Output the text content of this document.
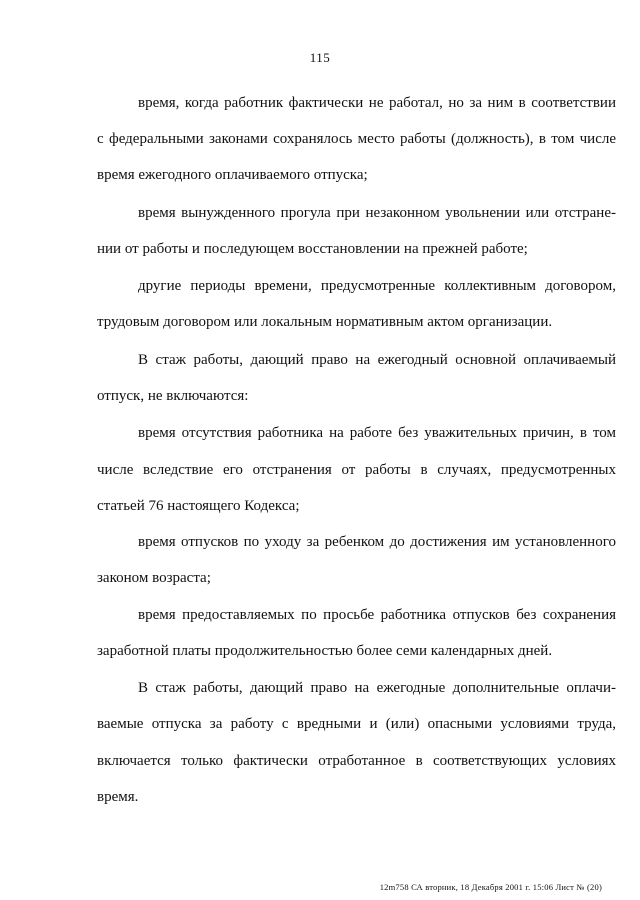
115
время, когда работник фактически не работал, но за ним в соответствии
с федеральными законами сохранялось место работы (должность), в том числе
время ежегодного оплачиваемого отпуска;
время вынужденного прогула при незаконном увольнении или отстране-
нии от работы и последующем восстановлении на прежней работе;
другие периоды времени, предусмотренные коллективным договором,
трудовым договором или локальным нормативным актом организации.
В стаж работы, дающий право на ежегодный основной оплачиваемый
отпуск, не включаются:
время отсутствия работника на работе без уважительных причин, в том
числе вследствие его отстранения от работы в случаях, предусмотренных
статьей 76 настоящего Кодекса;
время отпусков по уходу за ребенком до достижения им установленного
законом возраста;
время предоставляемых по просьбе работника отпусков без сохранения
заработной платы продолжительностью более семи календарных дней.
В стаж работы, дающий право на ежегодные дополнительные оплачи-
ваемые отпуска за работу с вредными и (или) опасными условиями труда,
включается только фактически отработанное в соответствующих условиях
время.
12m758 СА вторник, 18 Декабря 2001 г. 15:06 Лист № (20)
